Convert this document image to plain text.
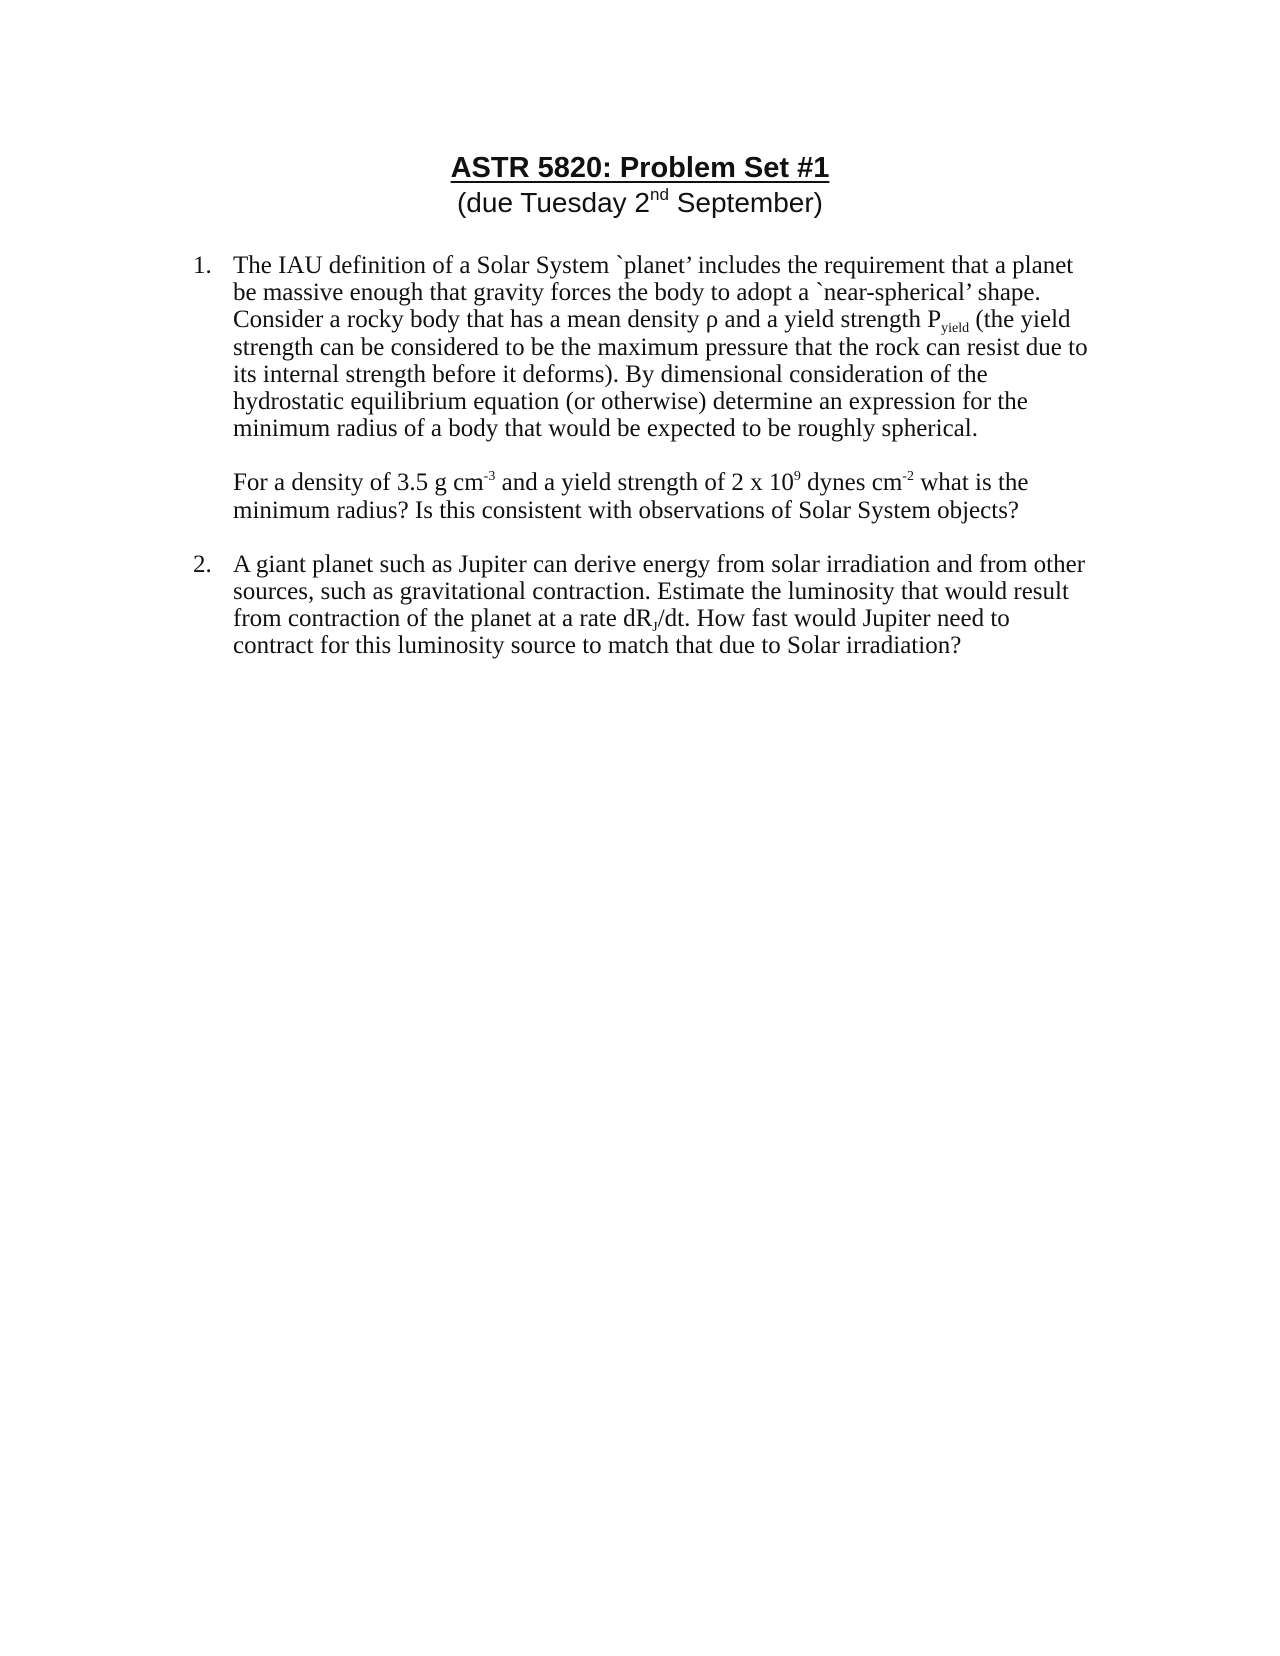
ASTR 5820: Problem Set #1

(due Tuesday 2nd September)

1. The IAU definition of a Solar System `planet’ includes the requirement that a planet be massive enough that gravity forces the body to adopt a `near-spherical’ shape. Consider a rocky body that has a mean density ρ and a yield strength $P_{yield}$ (the yield strength can be considered to be the maximum pressure that the rock can resist due to its internal strength before it deforms). By dimensional consideration of the hydrostatic equilibrium equation (or otherwise) determine an expression for the minimum radius of a body that would be expected to be roughly spherical.

For a density of 3.5 g $cm^{-3}$ and a yield strength of 2 x $10^9$ dynes $cm^{-2}$ what is the minimum radius? Is this consistent with observations of Solar System objects?

2. A giant planet such as Jupiter can derive energy from solar irradiation and from other sources, such as gravitational contraction. Estimate the luminosity that would result from contraction of the planet at a rate $dR_J/dt$. How fast would Jupiter need to contract for this luminosity source to match that due to Solar irradiation?
